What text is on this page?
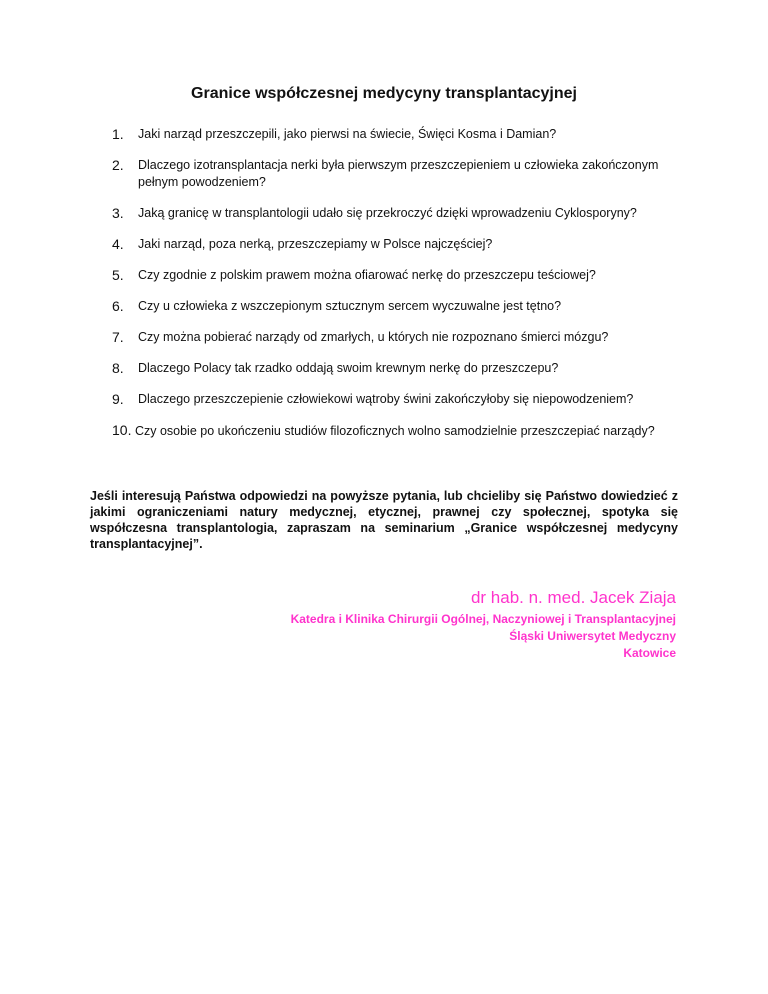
Granice współczesnej medycyny transplantacyjnej
1. Jaki narząd przeszczepili, jako pierwsi na świecie, Święci Kosma i Damian?
2. Dlaczego izotransplantacja nerki była pierwszym przeszczepieniem u człowieka zakończonym pełnym powodzeniem?
3. Jaką granicę w transplantologii udało się przekroczyć dzięki wprowadzeniu Cyklosporyny?
4. Jaki narząd, poza nerką, przeszczepiamy w Polsce najczęściej?
5. Czy zgodnie z polskim prawem można ofiarować nerkę do przeszczepu teściowej?
6. Czy u człowieka z wszczepionym sztucznym sercem wyczuwalne jest tętno?
7. Czy można pobierać narządy od zmarłych, u których nie rozpoznano śmierci mózgu?
8. Dlaczego Polacy tak rzadko oddają swoim krewnym nerkę do przeszczepu?
9. Dlaczego przeszczepienie człowiekowi wątroby świni zakończyłoby się niepowodzeniem?
10. Czy osobie po ukończeniu studiów filozoficznych wolno samodzielnie przeszczepiać narządy?
Jeśli interesują Państwa odpowiedzi na powyższe pytania, lub chcieliby się Państwo dowiedzieć z jakimi ograniczeniami natury medycznej, etycznej, prawnej czy społecznej, spotyka się współczesna transplantologia, zapraszam na seminarium „Granice współczesnej medycyny transplantacyjnej”.
dr hab. n. med. Jacek Ziaja
Katedra i Klinika Chirurgii Ogólnej, Naczyniowej i Transplantacyjnej
Śląski Uniwersytet Medyczny
Katowice
